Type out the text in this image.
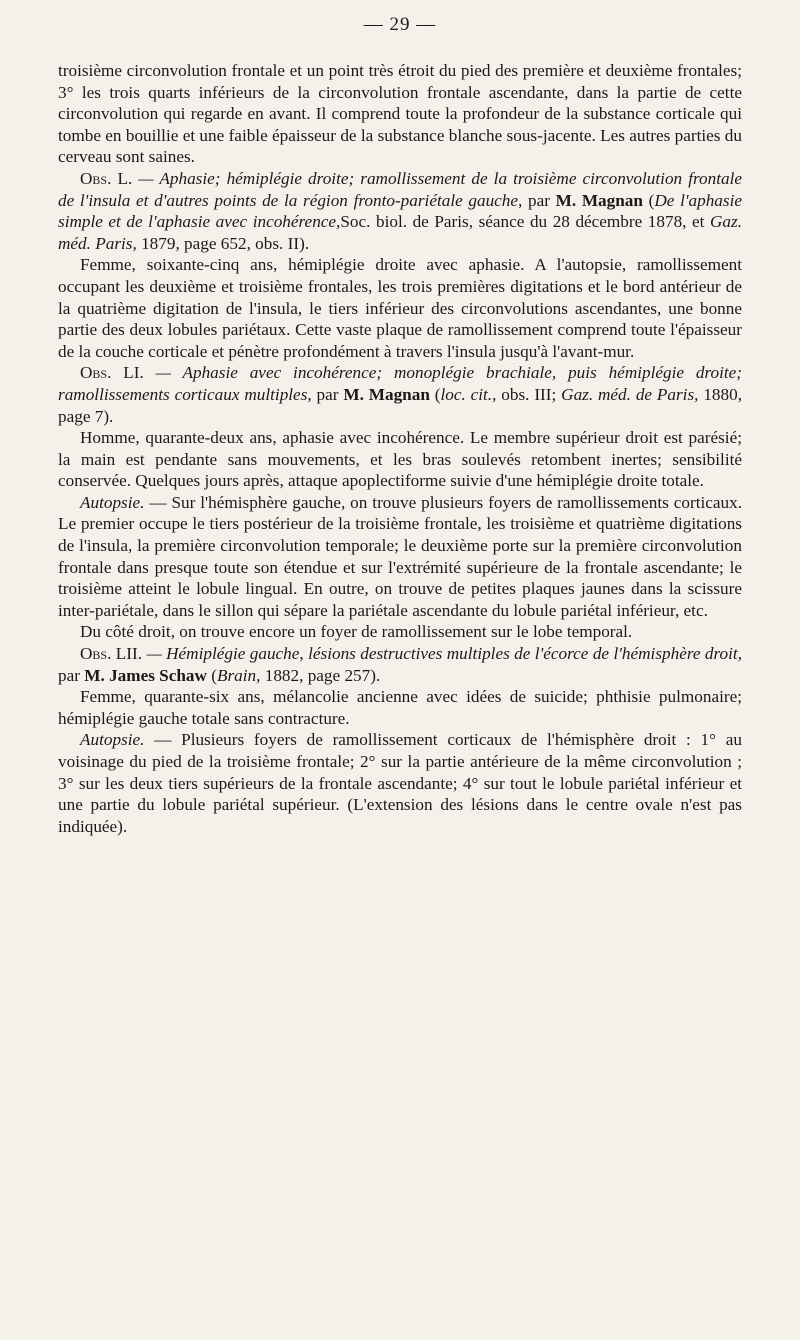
— 29 —

troisième circonvolution frontale et un point très étroit du pied des première et deuxième frontales; 3° les trois quarts inférieurs de la circonvolution frontale ascendante, dans la partie de cette circonvolution qui regarde en avant. Il comprend toute la profondeur de la substance corticale qui tombe en bouillie et une faible épaisseur de la substance blanche sous-jacente. Les autres parties du cerveau sont saines.

Obs. L. — Aphasie; hémiplégie droite; ramollissement de la troisième circonvolution frontale de l'insula et d'autres points de la région fronto-pariétale gauche, par M. Magnan (De l'aphasie simple et de l'aphasie avec incohérence,Soc. biol. de Paris, séance du 28 décembre 1878, et Gaz. méd. Paris, 1879, page 652, obs. II).

Femme, soixante-cinq ans, hémiplégie droite avec aphasie. A l'autopsie, ramollissement occupant les deuxième et troisième frontales, les trois premières digitations et le bord antérieur de la quatrième digitation de l'insula, le tiers inférieur des circonvolutions ascendantes, une bonne partie des deux lobules pariétaux. Cette vaste plaque de ramollissement comprend toute l'épaisseur de la couche corticale et pénètre profondément à travers l'insula jusqu'à l'avant-mur.

Obs. LI. — Aphasie avec incohérence; monoplégie brachiale, puis hémiplégie droite; ramollissements corticaux multiples, par M. Magnan (loc. cit., obs. III; Gaz. méd. de Paris, 1880, page 7).

Homme, quarante-deux ans, aphasie avec incohérence. Le membre supérieur droit est parésié; la main est pendante sans mouvements, et les bras soulevés retombent inertes; sensibilité conservée. Quelques jours après, attaque apoplectiforme suivie d'une hémiplégie droite totale.

Autopsie. — Sur l'hémisphère gauche, on trouve plusieurs foyers de ramollissements corticaux. Le premier occupe le tiers postérieur de la troisième frontale, les troisième et quatrième digitations de l'insula, la première circonvolution temporale; le deuxième porte sur la première circonvolution frontale dans presque toute son étendue et sur l'extrémité supérieure de la frontale ascendante; le troisième atteint le lobule lingual. En outre, on trouve de petites plaques jaunes dans la scissure inter-pariétale, dans le sillon qui sépare la pariétale ascendante du lobule pariétal inférieur, etc.

Du côté droit, on trouve encore un foyer de ramollissement sur le lobe temporal.

Obs. LII. — Hémiplégie gauche, lésions destructives multiples de l'écorce de l'hémisphère droit, par M. James Schaw (Brain, 1882, page 257).

Femme, quarante-six ans, mélancolie ancienne avec idées de suicide; phthisie pulmonaire; hémiplégie gauche totale sans contracture.

Autopsie. — Plusieurs foyers de ramollissement corticaux de l'hémisphère droit : 1° au voisinage du pied de la troisième frontale; 2° sur la partie antérieure de la même circonvolution ; 3° sur les deux tiers supérieurs de la frontale ascendante; 4° sur tout le lobule pariétal inférieur et une partie du lobule pariétal supérieur. (L'extension des lésions dans le centre ovale n'est pas indiquée).
